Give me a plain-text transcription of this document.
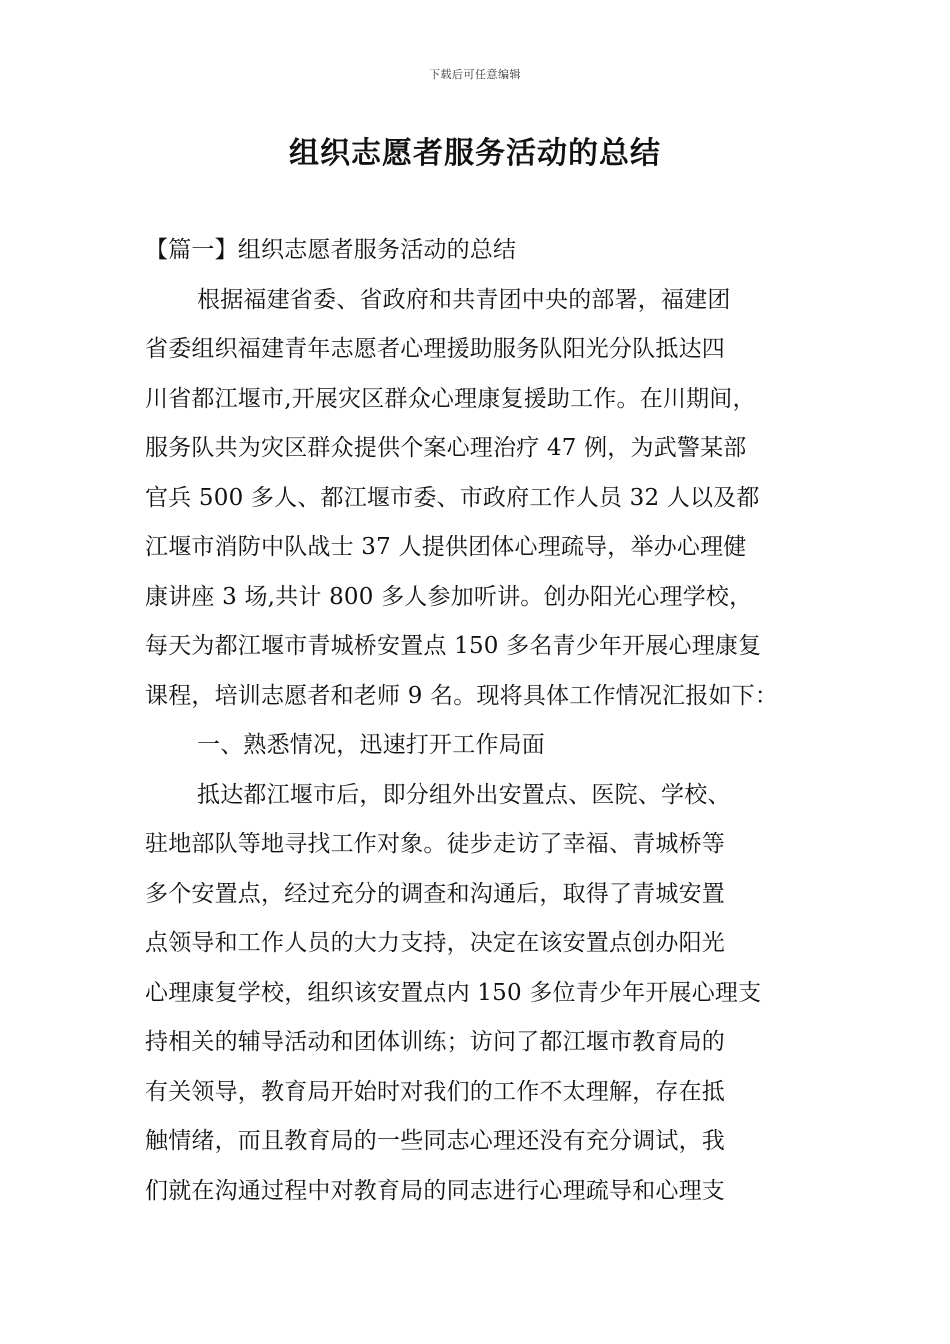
下载后可任意编辑
组织志愿者服务活动的总结
【篇一】组织志愿者服务活动的总结
根据福建省委、省政府和共青团中央的部署，福建团
省委组织福建青年志愿者心理援助服务队阳光分队抵达四
川省都江堰市,开展灾区群众心理康复援助工作。在川期间，
服务队共为灾区群众提供个案心理治疗 47 例，为武警某部
官兵 500 多人、都江堰市委、市政府工作人员 32 人以及都
江堰市消防中队战士 37 人提供团体心理疏导，举办心理健
康讲座 3 场,共计 800 多人参加听讲。创办阳光心理学校，
每天为都江堰市青城桥安置点 150 多名青少年开展心理康复
课程，培训志愿者和老师 9 名。现将具体工作情况汇报如下：
一、熟悉情况，迅速打开工作局面
抵达都江堰市后，即分组外出安置点、医院、学校、
驻地部队等地寻找工作对象。徒步走访了幸福、青城桥等
多个安置点，经过充分的调查和沟通后，取得了青城安置
点领导和工作人员的大力支持，决定在该安置点创办阳光
心理康复学校，组织该安置点内 150 多位青少年开展心理支
持相关的辅导活动和团体训练；访问了都江堰市教育局的
有关领导，教育局开始时对我们的工作不太理解，存在抵
触情绪，而且教育局的一些同志心理还没有充分调试，我
们就在沟通过程中对教育局的同志进行心理疏导和心理支
